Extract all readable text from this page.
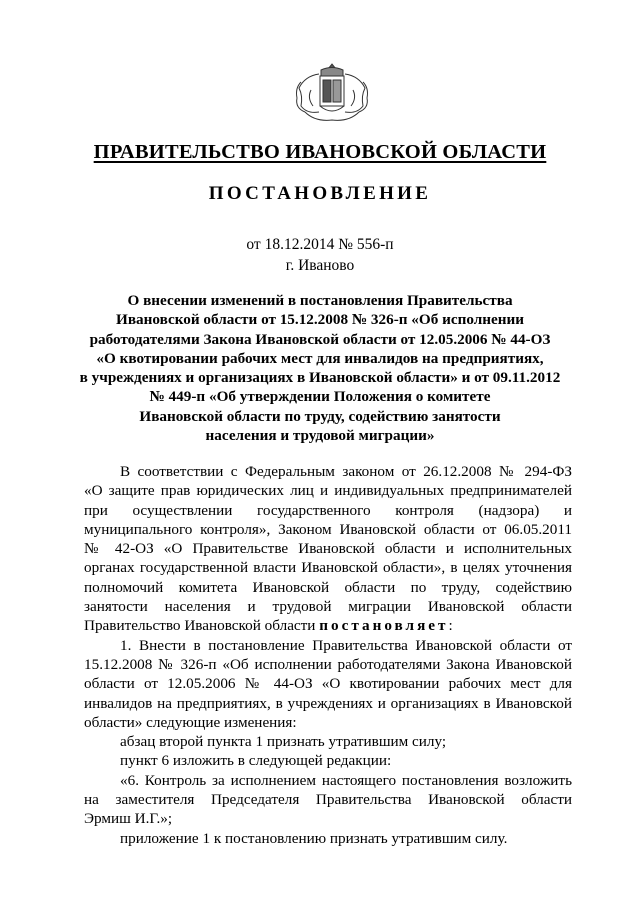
ПРАВИТЕЛЬСТВО ИВАНОВСКОЙ ОБЛАСТИ
ПОСТАНОВЛЕНИЕ
от 18.12.2014 № 556-п
г. Иваново
О внесении изменений в постановления Правительства
Ивановской области от 15.12.2008 № 326-п «Об исполнении
работодателями Закона Ивановской области от 12.05.2006 № 44-ОЗ
«О квотировании рабочих мест для инвалидов на предприятиях,
в учреждениях и организациях в Ивановской области» и от 09.11.2012
№ 449-п «Об утверждении Положения о комитете
Ивановской области по труду, содействию занятости
населения и трудовой миграции»
В соответствии с Федеральным законом от 26.12.2008 № 294-ФЗ
«О защите прав юридических лиц и индивидуальных предпринимателей
при осуществлении государственного контроля (надзора) и
муниципального контроля», Законом Ивановской области от 06.05.2011
№ 42-ОЗ «О Правительстве Ивановской области и исполнительных
органах государственной власти Ивановской области», в целях уточнения
полномочий комитета Ивановской области по труду, содействию
занятости населения и трудовой миграции Ивановской области
Правительство Ивановской области постановляет:
1. Внести в постановление Правительства Ивановской области от
15.12.2008 № 326-п «Об исполнении работодателями Закона Ивановской
области от 12.05.2006 № 44-ОЗ «О квотировании рабочих мест для
инвалидов на предприятиях, в учреждениях и организациях в Ивановской
области» следующие изменения:
абзац второй пункта 1 признать утратившим силу;
пункт 6 изложить в следующей редакции:
«6. Контроль за исполнением настоящего постановления возложить
на заместителя Председателя Правительства Ивановской области
Эрмиш И.Г.»;
приложение 1 к постановлению признать утратившим силу.
